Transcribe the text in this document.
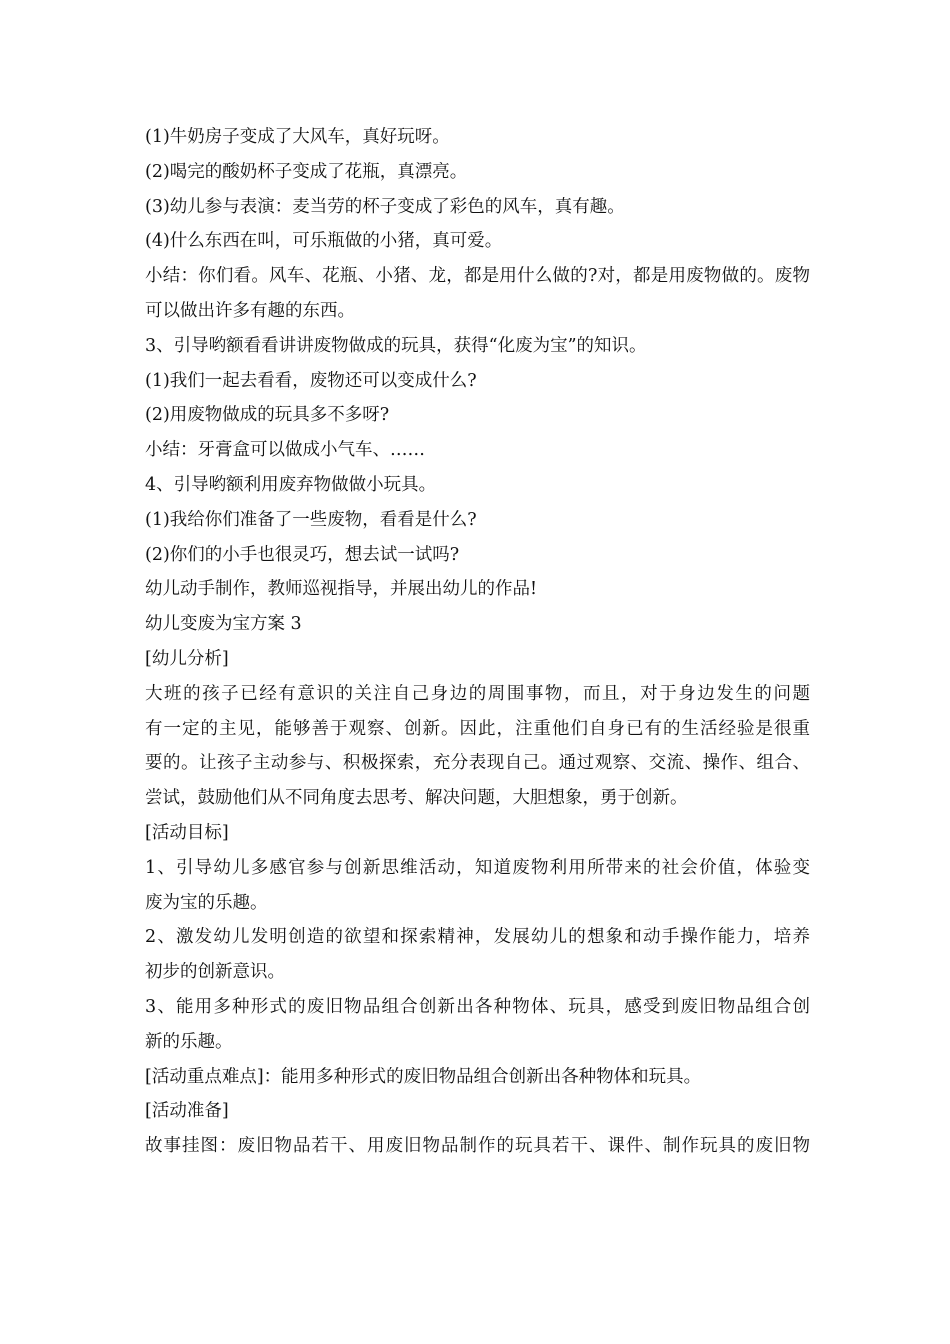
(1)牛奶房子变成了大风车，真好玩呀。
(2)喝完的酸奶杯子变成了花瓶，真漂亮。
(3)幼儿参与表演：麦当劳的杯子变成了彩色的风车，真有趣。
(4)什么东西在叫，可乐瓶做的小猪，真可爱。
小结：你们看。风车、花瓶、小猪、龙，都是用什么做的?对，都是用废物做的。废物
可以做出许多有趣的东西。
3、引导哟额看看讲讲废物做成的玩具，获得“化废为宝”的知识。
(1)我们一起去看看，废物还可以变成什么?
(2)用废物做成的玩具多不多呀?
小结：牙膏盒可以做成小气车、……
4、引导哟额利用废弃物做做小玩具。
(1)我给你们准备了一些废物，看看是什么?
(2)你们的小手也很灵巧，想去试一试吗?
幼儿动手制作，教师巡视指导，并展出幼儿的作品!
幼儿变废为宝方案 3
[幼儿分析]
大班的孩子已经有意识的关注自己身边的周围事物，而且，对于身边发生的问题
有一定的主见，能够善于观察、创新。因此，注重他们自身已有的生活经验是很重
要的。让孩子主动参与、积极探索，充分表现自己。通过观察、交流、操作、组合、
尝试，鼓励他们从不同角度去思考、解决问题，大胆想象，勇于创新。
[活动目标]
1、引导幼儿多感官参与创新思维活动，知道废物利用所带来的社会价值，体验变
废为宝的乐趣。
2、激发幼儿发明创造的欲望和探索精神，发展幼儿的想象和动手操作能力，培养
初步的创新意识。
3、能用多种形式的废旧物品组合创新出各种物体、玩具，感受到废旧物品组合创
新的乐趣。
[活动重点难点]：能用多种形式的废旧物品组合创新出各种物体和玩具。
[活动准备]
故事挂图：废旧物品若干、用废旧物品制作的玩具若干、课件、制作玩具的废旧物
